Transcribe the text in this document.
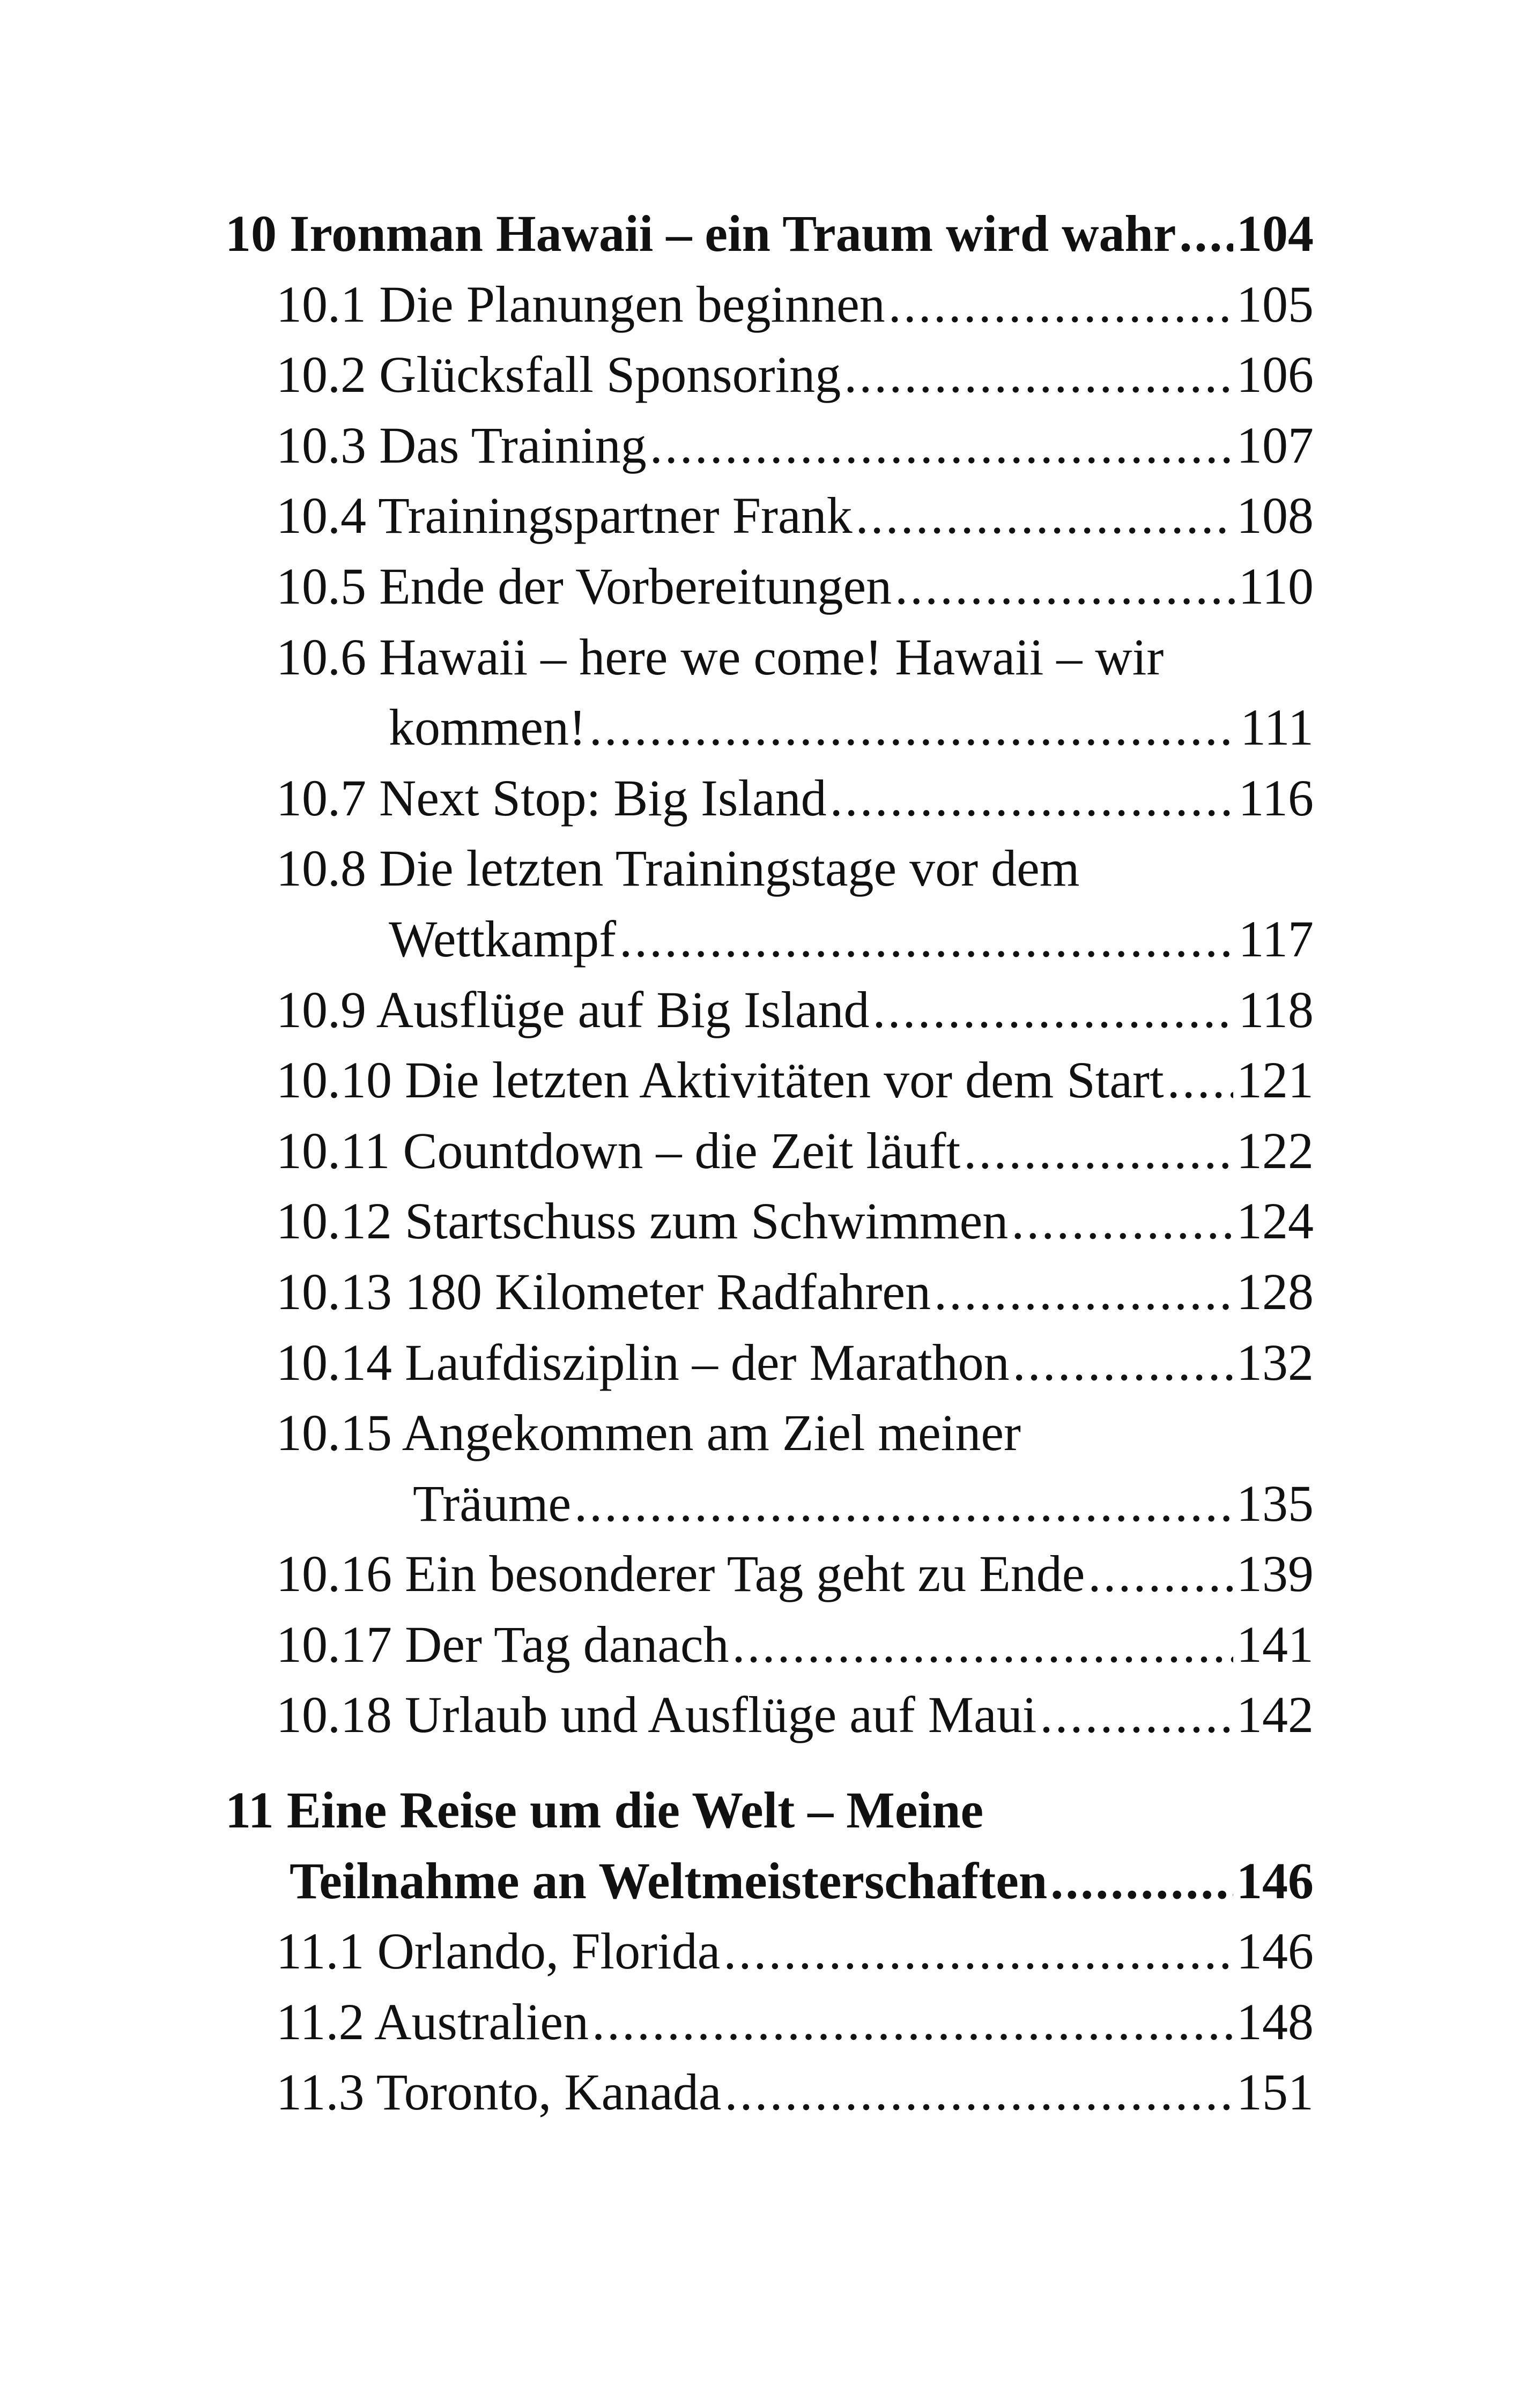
10 Ironman Hawaii – ein Traum wird wahr ..... 104
10.1 Die Planungen beginnen .....	105
10.2 Glücksfall Sponsoring .....	106
10.3 Das Training .....	107
10.4 Trainingspartner Frank .....	108
10.5 Ende der Vorbereitungen .....	110
10.6 Hawaii – here we come! Hawaii – wir
kommen! .....	111
10.7 Next Stop: Big Island .....	116
10.8 Die letzten Trainingstage vor dem
Wettkampf .....	117
10.9 Ausflüge auf Big Island .....	118
10.10 Die letzten Aktivitäten vor dem Start ..... 121
10.11 Countdown – die Zeit läuft .....	122
10.12 Startschuss zum Schwimmen .....	124
10.13 180 Kilometer Radfahren .....	128
10.14 Laufdisziplin – der Marathon .....	132
10.15 Angekommen am Ziel meiner
Träume .....	135
10.16 Ein besonderer Tag geht zu Ende .....	139
10.17 Der Tag danach .....	141
10.18 Urlaub und Ausflüge auf Maui .....	142
11 Eine Reise um die Welt – Meine
Teilnahme an Weltmeisterschaften .....	146
11.1 Orlando, Florida .....	146
11.2 Australien .....	148
11.3 Toronto, Kanada .....	151
